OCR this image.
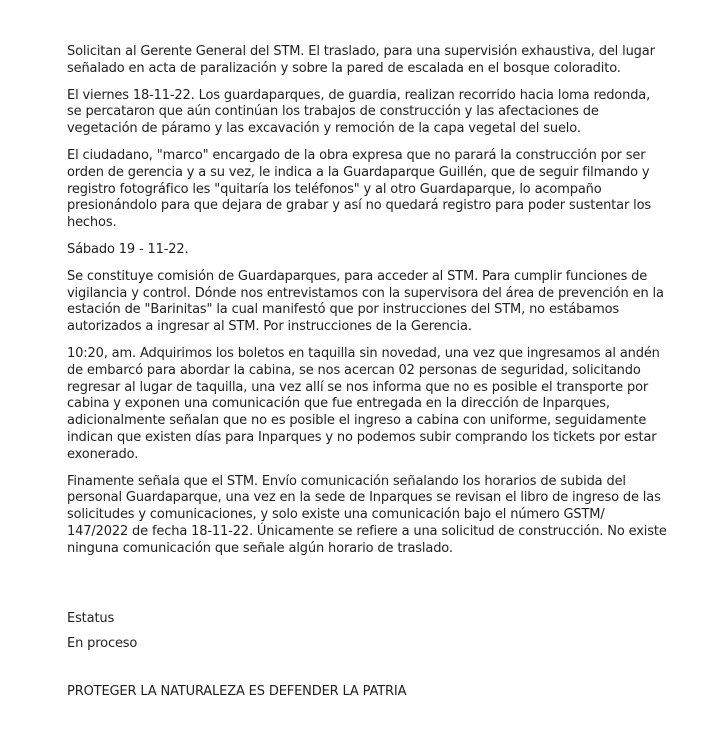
Solicitan al Gerente General del STM. El traslado, para una supervisión exhaustiva, del lugar señalado en acta de paralización y sobre la pared de escalada en el bosque coloradito.

El viernes 18-11-22. Los guardaparques, de guardia, realizan recorrido hacia loma redonda, se percataron que aún continúan los trabajos de construcción y las afectaciones de vegetación de páramo y las excavación y remoción de la capa vegetal del suelo.

El ciudadano, "marco" encargado de la obra expresa que no parará la construcción por ser orden de gerencia y a su vez, le indica a la Guardaparque Guillén, que de seguir filmando y registro fotográfico les "quitaría los teléfonos" y al otro Guardaparque, lo acompaño presionándolo para que dejara de grabar y así no quedará registro para poder sustentar los hechos.

Sábado 19 - 11-22.

Se constituye comisión de Guardaparques, para acceder al STM. Para cumplir funciones de vigilancia y control. Dónde nos entrevistamos con la supervisora del área de prevención en la estación de "Barinitas" la cual manifestó que por instrucciones del STM, no estábamos autorizados a ingresar al STM. Por instrucciones de la Gerencia.

10:20, am. Adquirimos los boletos en taquilla sin novedad, una vez que ingresamos al andén de embarcó para abordar la cabina, se nos acercan 02 personas de seguridad, solicitando regresar al lugar de taquilla, una vez allí se nos informa que no es posible el transporte por cabina y exponen una comunicación que fue entregada en la dirección de Inparques, adicionalmente señalan que no es posible el ingreso a cabina con uniforme, seguidamente indican que existen días para Inparques y no podemos subir comprando los tickets por estar exonerado.

Finamente señala que el STM. Envío comunicación señalando los horarios de subida del personal Guardaparque, una vez en la sede de Inparques se revisan el libro de ingreso de las solicitudes y comunicaciones, y solo existe una comunicación bajo el número GSTM/ 147/2022 de fecha 18-11-22. Únicamente se refiere a una solicitud de construcción. No existe ninguna comunicación que señale algún horario de traslado.

Estatus

En proceso

PROTEGER LA NATURALEZA ES DEFENDER LA PATRIA
